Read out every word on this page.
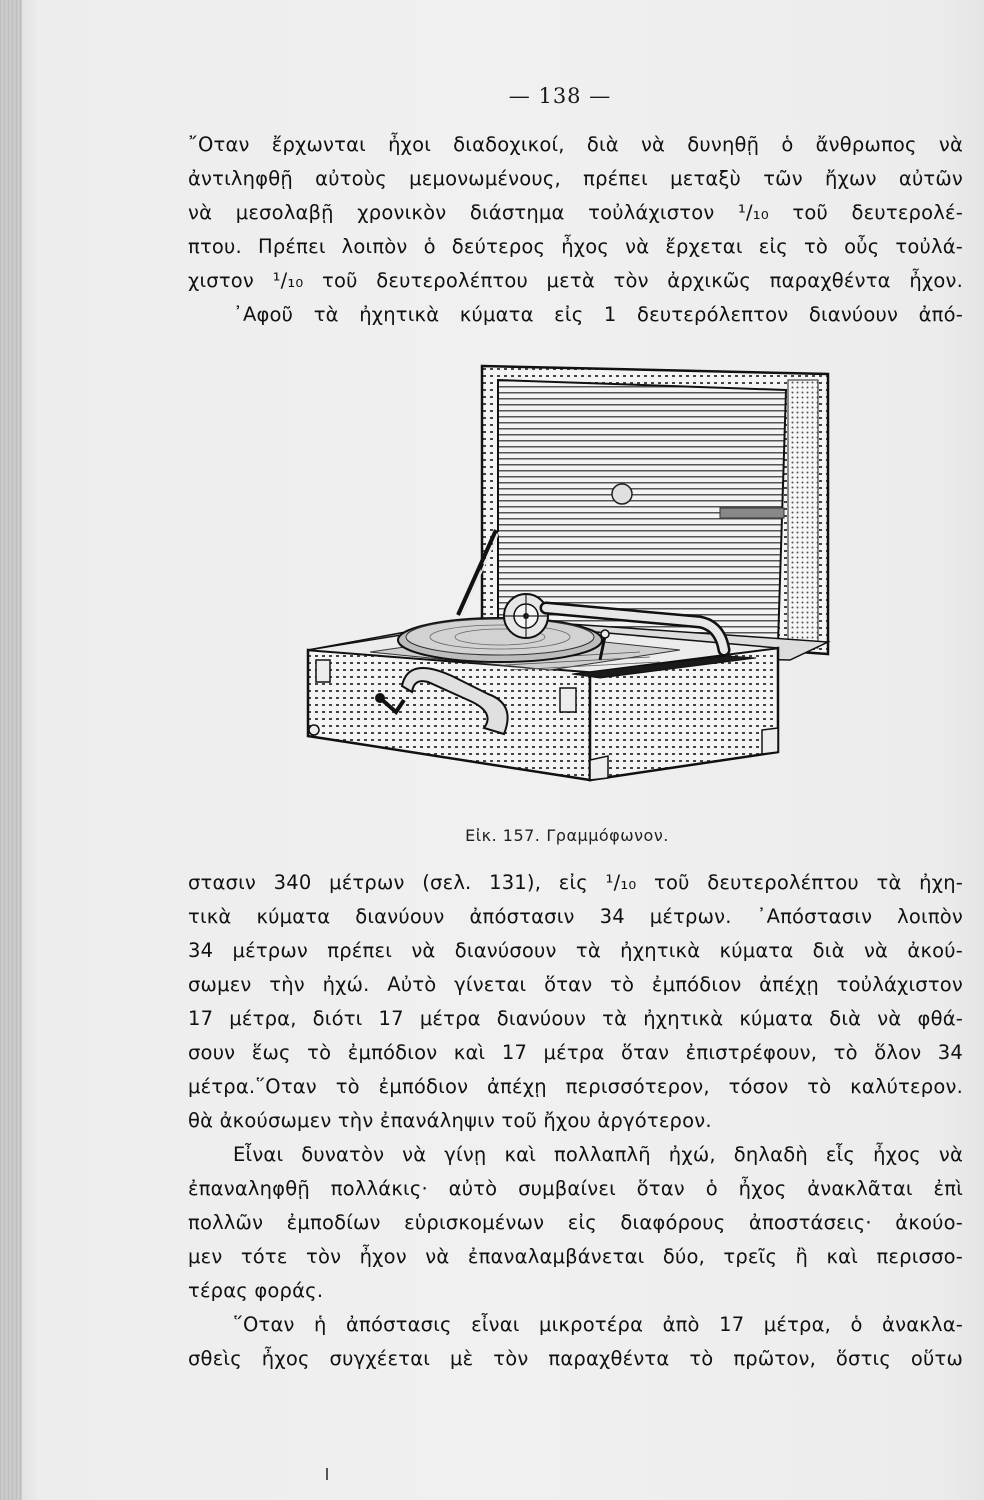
— 138 —
῎Οταν ἔρχωνται ἦχοι διαδοχικοί, διὰ νὰ δυνηθῇ ὁ ἄνθρωπος νὰ
ἀντιληφθῇ αὐτοὺς μεμονωμένους, πρέπει μεταξὺ τῶν ἤχων αὐτῶν
νὰ μεσολαβῇ χρονικὸν διάστημα τοὐλάχιστον ¹/₁₀ τοῦ δευτερολέ-
πτου. Πρέπει λοιπὸν ὁ δεύτερος ἦχος νὰ ἔρχεται εἰς τὸ οὖς τοὐλά-
χιστον ¹/₁₀ τοῦ δευτερολέπτου μετὰ τὸν ἀρχικῶς παραχθέντα ἦχον.
᾿Αφοῦ τὰ ἠχητικὰ κύματα εἰς 1 δευτερόλεπτον διανύουν ἀπό-
Εἰκ. 157. Γραμμόφωνον.
στασιν 340 μέτρων (σελ. 131), εἰς ¹/₁₀ τοῦ δευτερολέπτου τὰ ἠχη-
τικὰ κύματα διανύουν ἀπόστασιν 34 μέτρων. ᾿Απόστασιν λοιπὸν
34 μέτρων πρέπει νὰ διανύσουν τὰ ἠχητικὰ κύματα διὰ νὰ ἀκού-
σωμεν τὴν ἠχώ. Αὐτὸ γίνεται ὅταν τὸ ἐμπόδιον ἀπέχῃ τοὐλάχιστον
17 μέτρα, διότι 17 μέτρα διανύουν τὰ ἠχητικὰ κύματα διὰ νὰ φθά-
σουν ἕως τὸ ἐμπόδιον καὶ 17 μέτρα ὅταν ἐπιστρέφουν, τὸ ὅλον 34
μέτρα.῞Οταν τὸ ἐμπόδιον ἀπέχῃ περισσότερον, τόσον τὸ καλύτερον.
θὰ ἀκούσωμεν τὴν ἐπανάληψιν τοῦ ἤχου ἀργότερον.
Εἶναι δυνατὸν νὰ γίνῃ καὶ πολλαπλῆ ἠχώ, δηλαδὴ εἷς ἦχος νὰ
ἐπαναληφθῇ πολλάκις· αὐτὸ συμβαίνει ὅταν ὁ ἦχος ἀνακλᾶται ἐπὶ
πολλῶν ἐμποδίων εὑρισκομένων εἰς διαφόρους ἀποστάσεις· ἀκούο-
μεν τότε τὸν ἦχον νὰ ἐπαναλαμβάνεται δύο, τρεῖς ἢ καὶ περισσο-
τέρας φοράς.
῞Οταν ἡ ἀπόστασις εἶναι μικροτέρα ἀπὸ 17 μέτρα, ὁ ἀνακλα-
σθεὶς ἦχος συγχέεται μὲ τὸν παραχθέντα τὸ πρῶτον, ὅστις οὕτω
